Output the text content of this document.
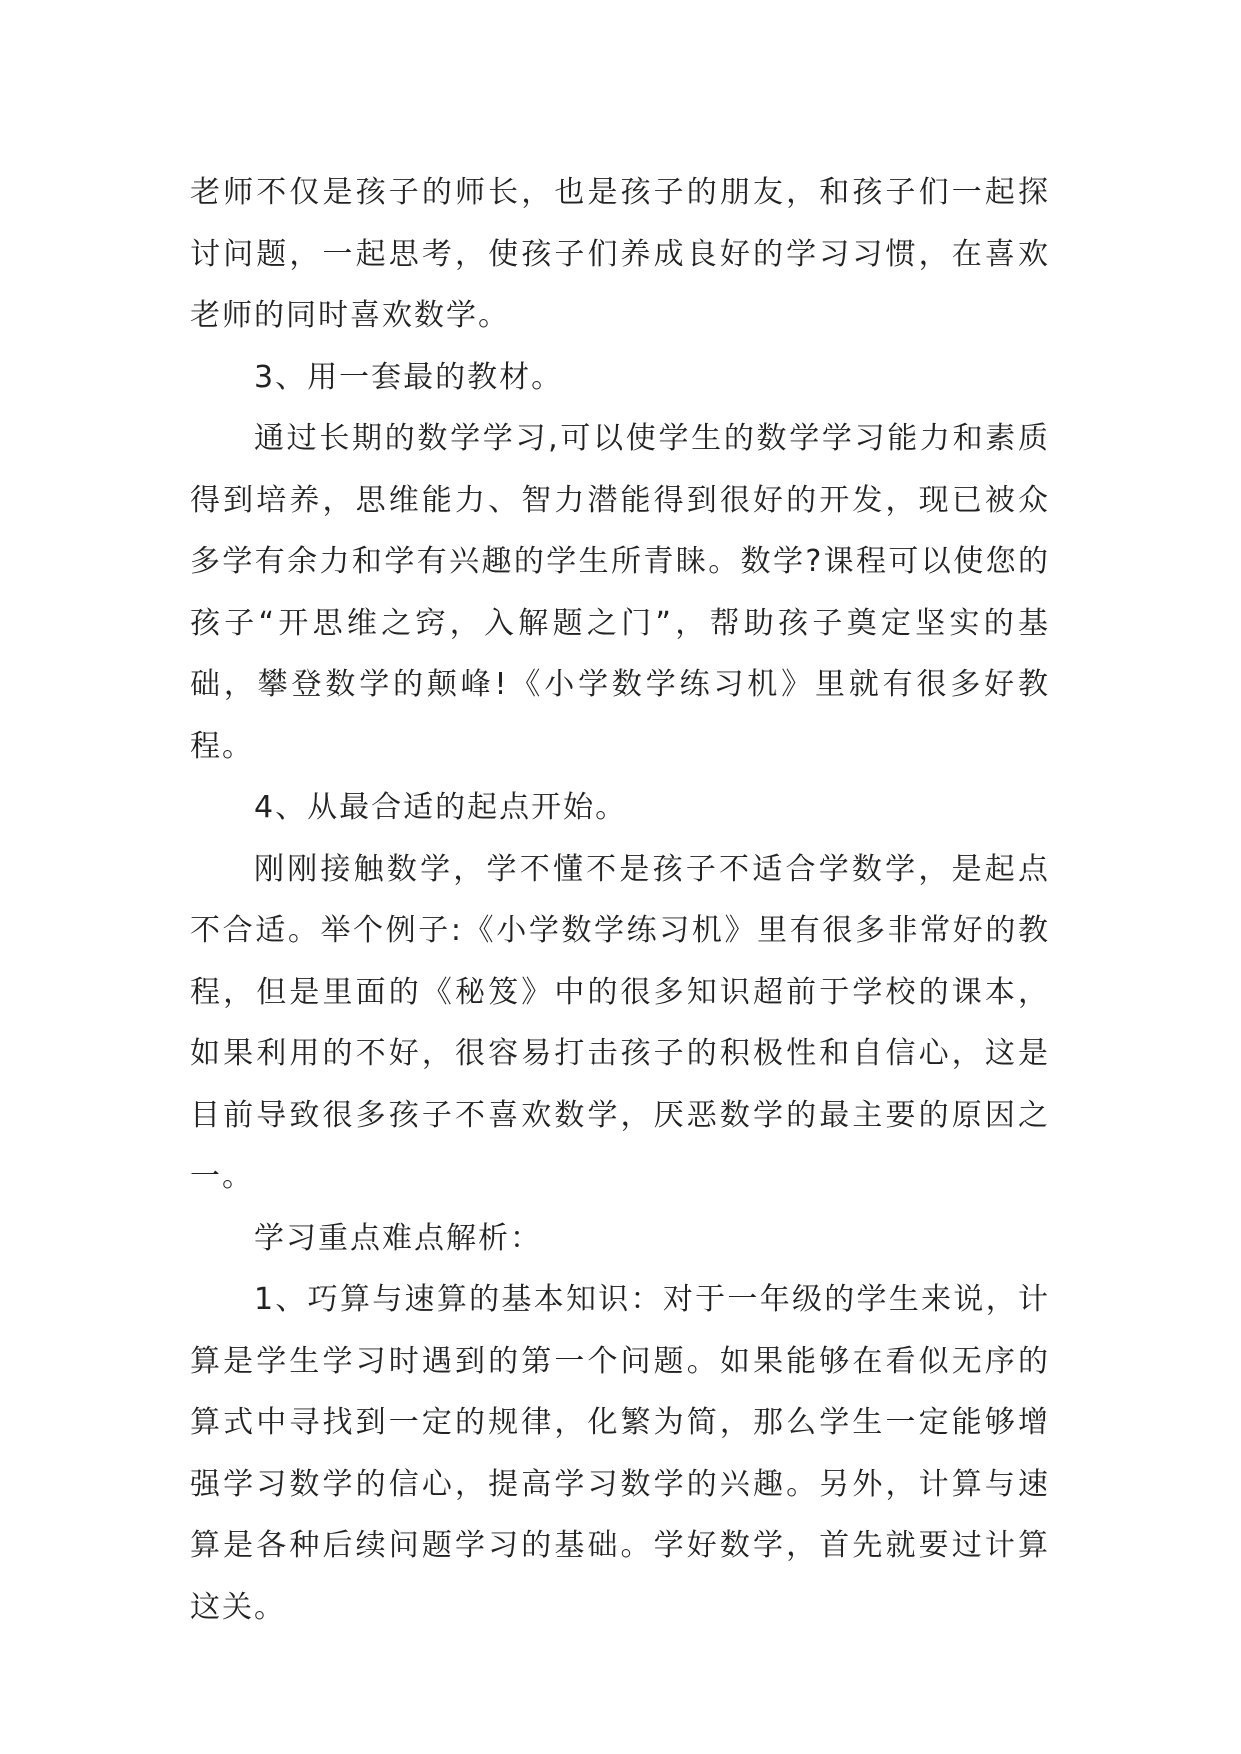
老师不仅是孩子的师长，也是孩子的朋友，和孩子们一起探讨问题，一起思考，使孩子们养成良好的学习习惯，在喜欢老师的同时喜欢数学。

3、用一套最的教材。

通过长期的数学学习,可以使学生的数学学习能力和素质得到培养，思维能力、智力潜能得到很好的开发，现已被众多学有余力和学有兴趣的学生所青睐。数学?课程可以使您的孩子“开思维之窍，入解题之门”，帮助孩子奠定坚实的基础，攀登数学的颠峰!《小学数学练习机》里就有很多好教程。

4、从最合适的起点开始。

刚刚接触数学，学不懂不是孩子不适合学数学，是起点不合适。举个例子:《小学数学练习机》里有很多非常好的教程，但是里面的《秘笈》中的很多知识超前于学校的课本，如果利用的不好，很容易打击孩子的积极性和自信心，这是目前导致很多孩子不喜欢数学，厌恶数学的最主要的原因之一。

学习重点难点解析：

1、巧算与速算的基本知识：对于一年级的学生来说，计算是学生学习时遇到的第一个问题。如果能够在看似无序的算式中寻找到一定的规律，化繁为简，那么学生一定能够增强学习数学的信心，提高学习数学的兴趣。另外，计算与速算是各种后续问题学习的基础。学好数学，首先就要过计算这关。
